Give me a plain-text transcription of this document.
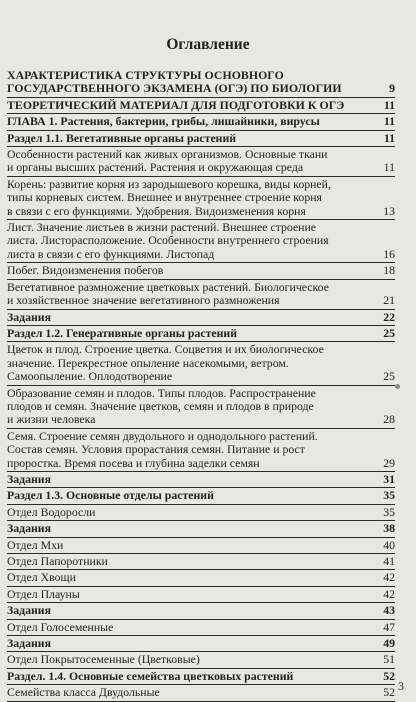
Оглавление
ХАРАКТЕРИСТИКА СТРУКТУРЫ ОСНОВНОГО
ГОСУДАРСТВЕННОГО ЭКЗАМЕНА (ОГЭ) ПО БИОЛОГИИ	9
ТЕОРЕТИЧЕСКИЙ МАТЕРИАЛ ДЛЯ ПОДГОТОВКИ К ОГЭ	11
ГЛАВА 1. Растения, бактерии, грибы, лишайники, вирусы	11
Раздел 1.1. Вегетативные органы растений	11
Особенности растений как живых организмов. Основные ткани
и органы высших растений. Растения и окружающая среда	11
Корень: развитие корня из зародышевого корешка, виды корней,
типы корневых систем. Внешнее и внутреннее строение корня
в связи с его функциями. Удобрения. Видоизменения корня	13
Лист. Значение листьев в жизни растений. Внешнее строение
листа. Листорасположение. Особенности внутреннего строения
листа в связи с его функциями. Листопад	16
Побег. Видоизменения побегов	18
Вегетативное размножение цветковых растений. Биологическое
и хозяйственное значение вегетативного размножения	21
Задания	22
Раздел 1.2. Генеративные органы растений	25
Цветок и плод. Строение цветка. Соцветия и их биологическое
значение. Перекрестное опыление насекомыми, ветром.
Самоопыление. Оплодотворение	25
Образование семян и плодов. Типы плодов. Распространение
плодов и семян. Значение цветков, семян и плодов в природе
и жизни человека	28
Семя. Строение семян двудольного и однодольного растений.
Состав семян. Условия прорастания семян. Питание и рост
проростка. Время посева и глубина заделки семян	29
Задания	31
Раздел 1.3. Основные отделы растений	35
Отдел Водоросли	35
Задания	38
Отдел Мхи	40
Отдел Папоротники	41
Отдел Хвощи	42
Отдел Плауны	42
Задания	43
Отдел Голосеменные	47
Задания	49
Отдел Покрытосеменные (Цветковые)	51
Раздел. 1.4. Основные семейства цветковых растений	52
Семейства класса Двудольные	52 3
